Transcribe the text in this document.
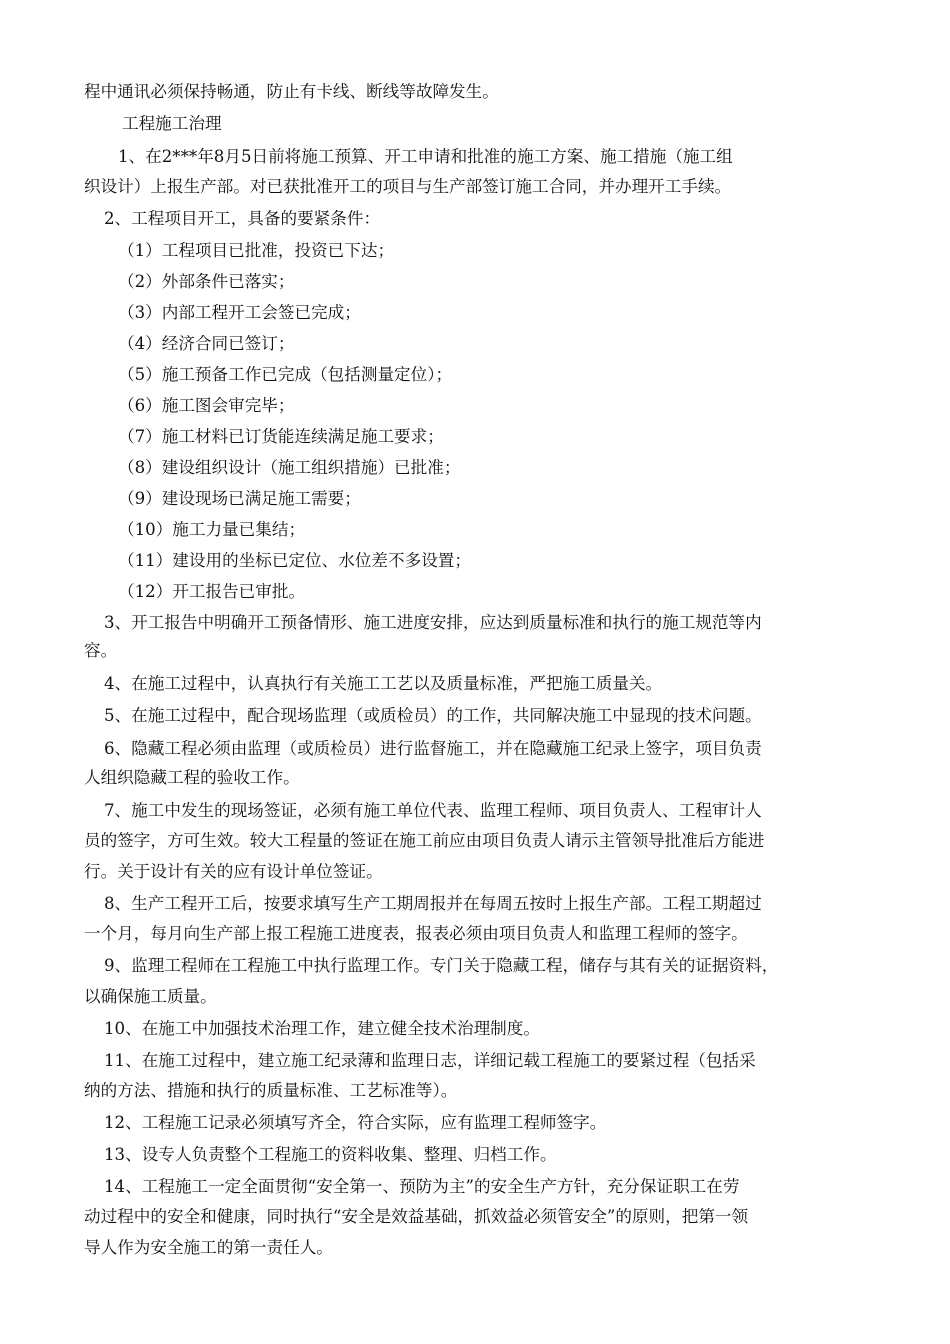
程中通讯必须保持畅通，防止有卡线、断线等故障发生。
工程施工治理
1、在2***年8月5日前将施工预算、开工申请和批准的施工方案、施工措施（施工组
织设计）上报生产部。对已获批准开工的项目与生产部签订施工合同，并办理开工手续。
2、工程项目开工，具备的要紧条件：
（1）工程项目已批准，投资已下达；
（2）外部条件已落实；
（3）内部工程开工会签已完成；
（4）经济合同已签订；
（5）施工预备工作已完成（包括测量定位）；
（6）施工图会审完毕；
（7）施工材料已订货能连续满足施工要求；
（8）建设组织设计（施工组织措施）已批准；
（9）建设现场已满足施工需要；
（10）施工力量已集结；
（11）建设用的坐标已定位、水位差不多设置；
（12）开工报告已审批。
3、开工报告中明确开工预备情形、施工进度安排，应达到质量标准和执行的施工规范等内
容。
4、在施工过程中，认真执行有关施工工艺以及质量标准，严把施工质量关。
5、在施工过程中，配合现场监理（或质检员）的工作，共同解决施工中显现的技术问题。
6、隐藏工程必须由监理（或质检员）进行监督施工，并在隐藏施工纪录上签字，项目负责
人组织隐藏工程的验收工作。
7、施工中发生的现场签证，必须有施工单位代表、监理工程师、项目负责人、工程审计人
员的签字，方可生效。较大工程量的签证在施工前应由项目负责人请示主管领导批准后方能进
行。关于设计有关的应有设计单位签证。
8、生产工程开工后，按要求填写生产工期周报并在每周五按时上报生产部。工程工期超过
一个月，每月向生产部上报工程施工进度表，报表必须由项目负责人和监理工程师的签字。
9、监理工程师在工程施工中执行监理工作。专门关于隐藏工程，储存与其有关的证据资料，
以确保施工质量。
10、在施工中加强技术治理工作，建立健全技术治理制度。
11、在施工过程中，建立施工纪录薄和监理日志，详细记载工程施工的要紧过程（包括采
纳的方法、措施和执行的质量标准、工艺标准等）。
12、工程施工记录必须填写齐全，符合实际，应有监理工程师签字。
13、设专人负责整个工程施工的资料收集、整理、归档工作。
14、工程施工一定全面贯彻“安全第一、预防为主”的安全生产方针，充分保证职工在劳
动过程中的安全和健康，同时执行“安全是效益基础，抓效益必须管安全”的原则，把第一领
导人作为安全施工的第一责任人。
